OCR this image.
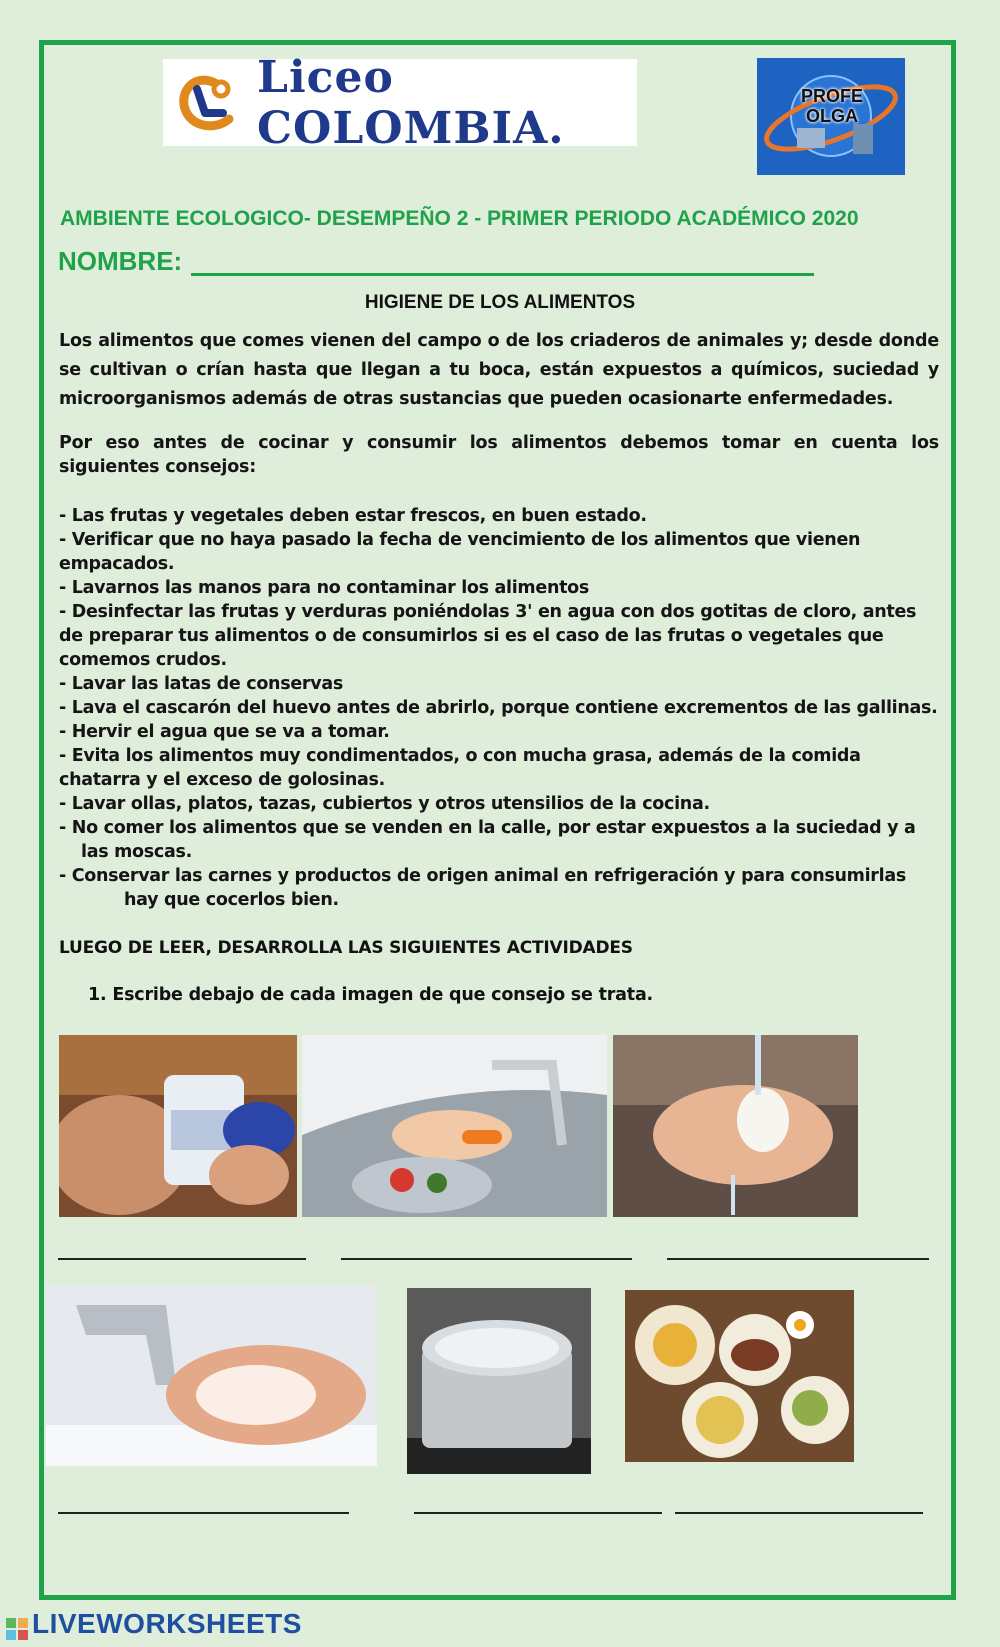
Liceo COLOMBIA.
PROFE OLGA
AMBIENTE ECOLOGICO- DESEMPEÑO 2 - PRIMER PERIODO ACADÉMICO 2020
NOMBRE:
HIGIENE DE LOS ALIMENTOS
Los alimentos que comes vienen del campo o de los criaderos de animales y; desde donde se cultivan o crían hasta que llegan a tu boca, están expuestos a químicos, suciedad y microorganismos además de otras sustancias que pueden ocasionarte enfermedades.
Por eso antes de cocinar y consumir los alimentos debemos tomar en cuenta los siguientes consejos:
- Las frutas y vegetales deben estar frescos, en buen estado.
- Verificar que no haya pasado la fecha de vencimiento de los alimentos que vienen empacados.
- Lavarnos las manos para no contaminar los alimentos
- Desinfectar las frutas y verduras poniéndolas 3' en agua con dos gotitas de cloro, antes de preparar tus alimentos o de consumirlos si es el caso de las frutas o vegetales que comemos crudos.
- Lavar las latas de conservas
- Lava el cascarón del huevo antes de abrirlo, porque contiene excrementos de las gallinas.
- Hervir el agua que se va a tomar.
- Evita los alimentos muy condimentados, o con mucha grasa, además de la comida chatarra y el exceso de golosinas.
- Lavar ollas, platos, tazas, cubiertos y otros utensilios de la cocina.
- No comer los alimentos que se venden en la calle, por estar expuestos a la suciedad y a
las moscas.
- Conservar las carnes y productos de origen animal en refrigeración y para consumirlas
hay que cocerlos bien.
LUEGO DE LEER, DESARROLLA LAS SIGUIENTES ACTIVIDADES
1. Escribe debajo de cada imagen de que consejo se trata.
LIVEWORKSHEETS
